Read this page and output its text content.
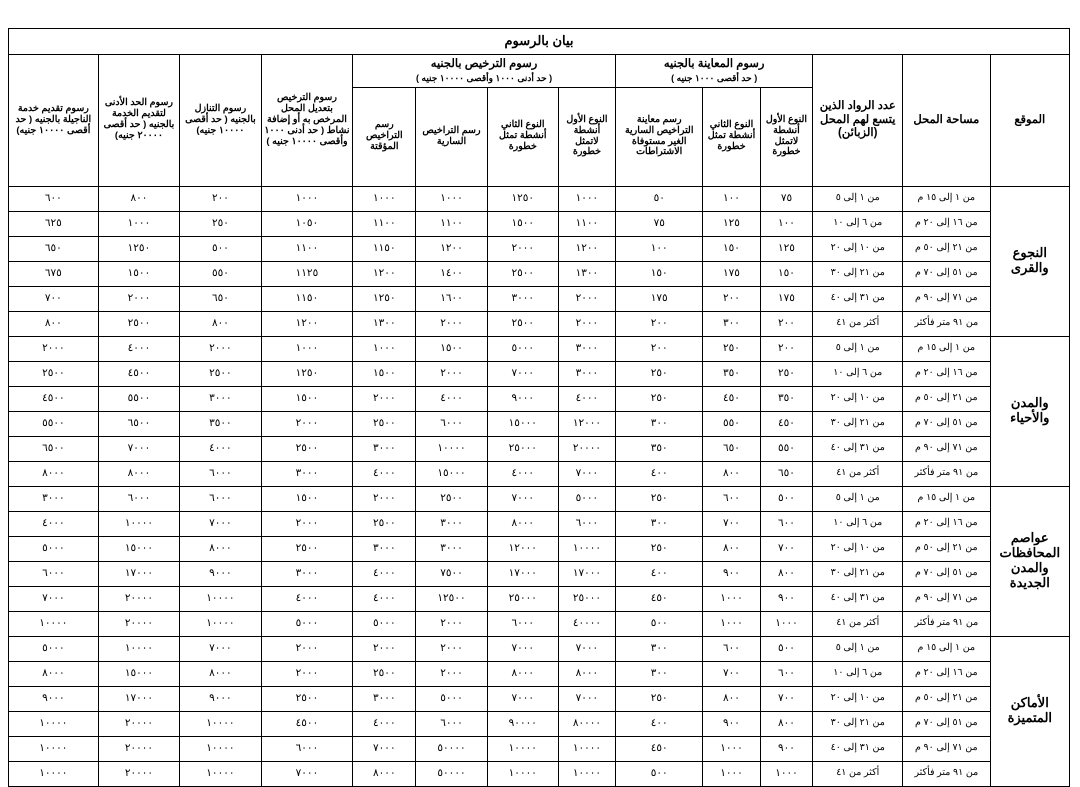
بيان بالرسوم													
الموقع	مساحة المحل	عدد الرواد الذين يتسع لهم المحل (الزبائن)	رسوم المعاينة بالجنيه
( حد أقصى ١٠٠٠ جنيه )			رسوم الترخيص بالجنيه
( حد أدنى ١٠٠٠ وأقصى ١٠٠٠٠ جنيه )				رسوم الترخيص بتعديل المحل المرخص به أو إضافة نشاط ( حد أدنى ١٠٠٠ وأقصى ١٠٠٠٠ جنيه )	رسوم التنازل بالجنيه ( حد أقصى ١٠٠٠٠ جنيه)	رسوم الحد الأدنى لتقديم الخدمة بالجنيه ( حد أقصى ٢٠٠٠٠ جنيه)	رسوم تقديم خدمة الناجيلة بالجنيه ( حد أقصى ١٠٠٠٠ جنيه)
			النوع الأول أنشطة لاتمثل خطورة	النوع الثاني أنشطة تمثل خطورة	رسم معاينة التراخيص السارية الغير مستوفاة الاشتراطات	النوع الأول أنشطة لاتمثل خطورة	النوع الثاني أنشطة تمثل خطورة	رسم التراخيص السارية	رسم التراخيص المؤقتة				
النجوع والقرى	من ١ إلى ١٥ م	من ١ إلى ٥	٧٥	١٠٠	٥٠	١٠٠٠	١٢٥٠	١٠٠٠	١٠٠٠	١٠٠٠	٢٠٠	٨٠٠	٦٠٠
	من ١٦ إلى ٢٠ م	من ٦ إلى ١٠	١٠٠	١٢٥	٧٥	١١٠٠	١٥٠٠	١١٠٠	١١٠٠	١٠٥٠	٢٥٠	١٠٠٠	٦٢٥
	من ٢١ إلى ٥٠ م	من ١٠ إلى ٢٠	١٢٥	١٥٠	١٠٠	١٢٠٠	٢٠٠٠	١٢٠٠	١١٥٠	١١٠٠	٥٠٠	١٢٥٠	٦٥٠
	من ٥١ إلى ٧٠ م	من ٢١ إلى ٣٠	١٥٠	١٧٥	١٥٠	١٣٠٠	٢٥٠٠	١٤٠٠	١٢٠٠	١١٢٥	٥٥٠	١٥٠٠	٦٧٥
	من ٧١ إلى ٩٠ م	من ٣١ إلى ٤٠	١٧٥	٢٠٠	١٧٥	٢٠٠٠	٣٠٠٠	١٦٠٠	١٢٥٠	١١٥٠	٦٥٠	٢٠٠٠	٧٠٠
	من ٩١ متر فأكثر	أكثر من ٤١	٢٠٠	٣٠٠	٢٠٠	٢٠٠٠	٢٥٠٠	٢٠٠٠	١٣٠٠	١٢٠٠	٨٠٠	٢٥٠٠	٨٠٠
والمدن والأحياء	من ١ إلى ١٥ م	من ١ إلى ٥	٢٠٠	٢٥٠	٢٠٠	٣٠٠٠	٥٠٠٠	١٥٠٠	١٠٠٠	١٠٠٠	٢٠٠٠	٤٠٠٠	٢٠٠٠
	من ١٦ إلى ٢٠ م	من ٦ إلى ١٠	٢٥٠	٣٥٠	٢٥٠	٣٠٠٠	٧٠٠٠	٢٠٠٠	١٥٠٠	١٢٥٠	٢٥٠٠	٤٥٠٠	٢٥٠٠
	من ٢١ إلى ٥٠ م	من ١٠ إلى ٢٠	٣٥٠	٤٥٠	٢٥٠	٤٠٠٠	٩٠٠٠	٤٠٠٠	٢٠٠٠	١٥٠٠	٣٠٠٠	٥٥٠٠	٤٥٠٠
	من ٥١ إلى ٧٠ م	من ٢١ إلى ٣٠	٤٥٠	٥٥٠	٣٠٠	١٢٠٠٠	١٥٠٠٠	٦٠٠٠	٢٥٠٠	٢٠٠٠	٣٥٠٠	٦٥٠٠	٥٥٠٠
	من ٧١ إلى ٩٠ م	من ٣١ إلى ٤٠	٥٥٠	٦٥٠	٣٥٠	٢٠٠٠٠	٢٥٠٠٠	١٠٠٠٠	٣٠٠٠	٢٥٠٠	٤٠٠٠	٧٠٠٠	٦٥٠٠
	من ٩١ متر فأكثر	أكثر من ٤١	٦٥٠	٨٠٠	٤٠٠	٧٠٠٠	٤٠٠٠	١٥٠٠٠	٤٠٠٠	٣٠٠٠	٦٠٠٠	٨٠٠٠	٨٠٠٠
عواصم المحافظات والمدن الجديدة	من ١ إلى ١٥ م	من ١ إلى ٥	٥٠٠	٦٠٠	٢٥٠	٥٠٠٠	٧٠٠٠	٢٥٠٠	٢٠٠٠	١٥٠٠	٦٠٠٠	٦٠٠٠	٣٠٠٠
	من ١٦ إلى ٢٠ م	من ٦ إلى ١٠	٦٠٠	٧٠٠	٣٠٠	٦٠٠٠	٨٠٠٠	٣٠٠٠	٢٥٠٠	٢٠٠٠	٧٠٠٠	١٠٠٠٠	٤٠٠٠
	من ٢١ إلى ٥٠ م	من ١٠ إلى ٢٠	٧٠٠	٨٠٠	٢٥٠	١٠٠٠٠	١٢٠٠٠	٣٠٠٠	٣٠٠٠	٢٥٠٠	٨٠٠٠	١٥٠٠٠	٥٠٠٠
	من ٥١ إلى ٧٠ م	من ٢١ إلى ٣٠	٨٠٠	٩٠٠	٤٠٠	١٧٠٠٠	١٧٠٠٠	٧٥٠٠	٤٠٠٠	٣٠٠٠	٩٠٠٠	١٧٠٠٠	٦٠٠٠
	من ٧١ إلى ٩٠ م	من ٣١ إلى ٤٠	٩٠٠	١٠٠٠	٤٥٠	٢٥٠٠٠	٢٥٠٠٠	١٢٥٠٠	٤٠٠٠	٤٠٠٠	١٠٠٠٠	٢٠٠٠٠	٧٠٠٠
	من ٩١ متر فأكثر	أكثر من ٤١	١٠٠٠	١٠٠٠	٥٠٠	٤٠٠٠٠	٦٠٠٠	٢٠٠٠	٥٠٠٠	٥٠٠٠	١٠٠٠٠	٢٠٠٠٠	١٠٠٠٠
الأماكن المتميزة	من ١ إلى ١٥ م	من ١ إلى ٥	٥٠٠	٦٠٠	٣٠٠	٧٠٠٠	٧٠٠٠	٢٠٠٠	٢٠٠٠	٢٠٠٠	٧٠٠٠	١٠٠٠٠	٥٠٠٠
	من ١٦ إلى ٢٠ م	من ٦ إلى ١٠	٦٠٠	٧٠٠	٣٠٠	٨٠٠٠	٨٠٠٠	٢٠٠٠	٢٥٠٠	٢٠٠٠	٨٠٠٠	١٥٠٠٠	٨٠٠٠
	من ٢١ إلى ٥٠ م	من ١٠ إلى ٢٠	٧٠٠	٨٠٠	٢٥٠	٧٠٠٠	٧٠٠٠	٥٠٠٠	٣٠٠٠	٢٥٠٠	٩٠٠٠	١٧٠٠٠	٩٠٠٠
	من ٥١ إلى ٧٠ م	من ٢١ إلى ٣٠	٨٠٠	٩٠٠	٤٠٠	٨٠٠٠٠	٩٠٠٠٠	٦٠٠٠	٤٠٠٠	٤٥٠٠	١٠٠٠٠	٢٠٠٠٠	١٠٠٠٠
	من ٧١ إلى ٩٠ م	من ٣١ إلى ٤٠	٩٠٠	١٠٠٠	٤٥٠	١٠٠٠٠	١٠٠٠٠	٥٠٠٠٠	٧٠٠٠	٦٠٠٠	١٠٠٠٠	٢٠٠٠٠	١٠٠٠٠
	من ٩١ متر فأكثر	أكثر من ٤١	١٠٠٠	١٠٠٠	٥٠٠	١٠٠٠٠	١٠٠٠٠	٥٠٠٠٠	٨٠٠٠	٧٠٠٠	١٠٠٠٠	٢٠٠٠٠	١٠٠٠٠
